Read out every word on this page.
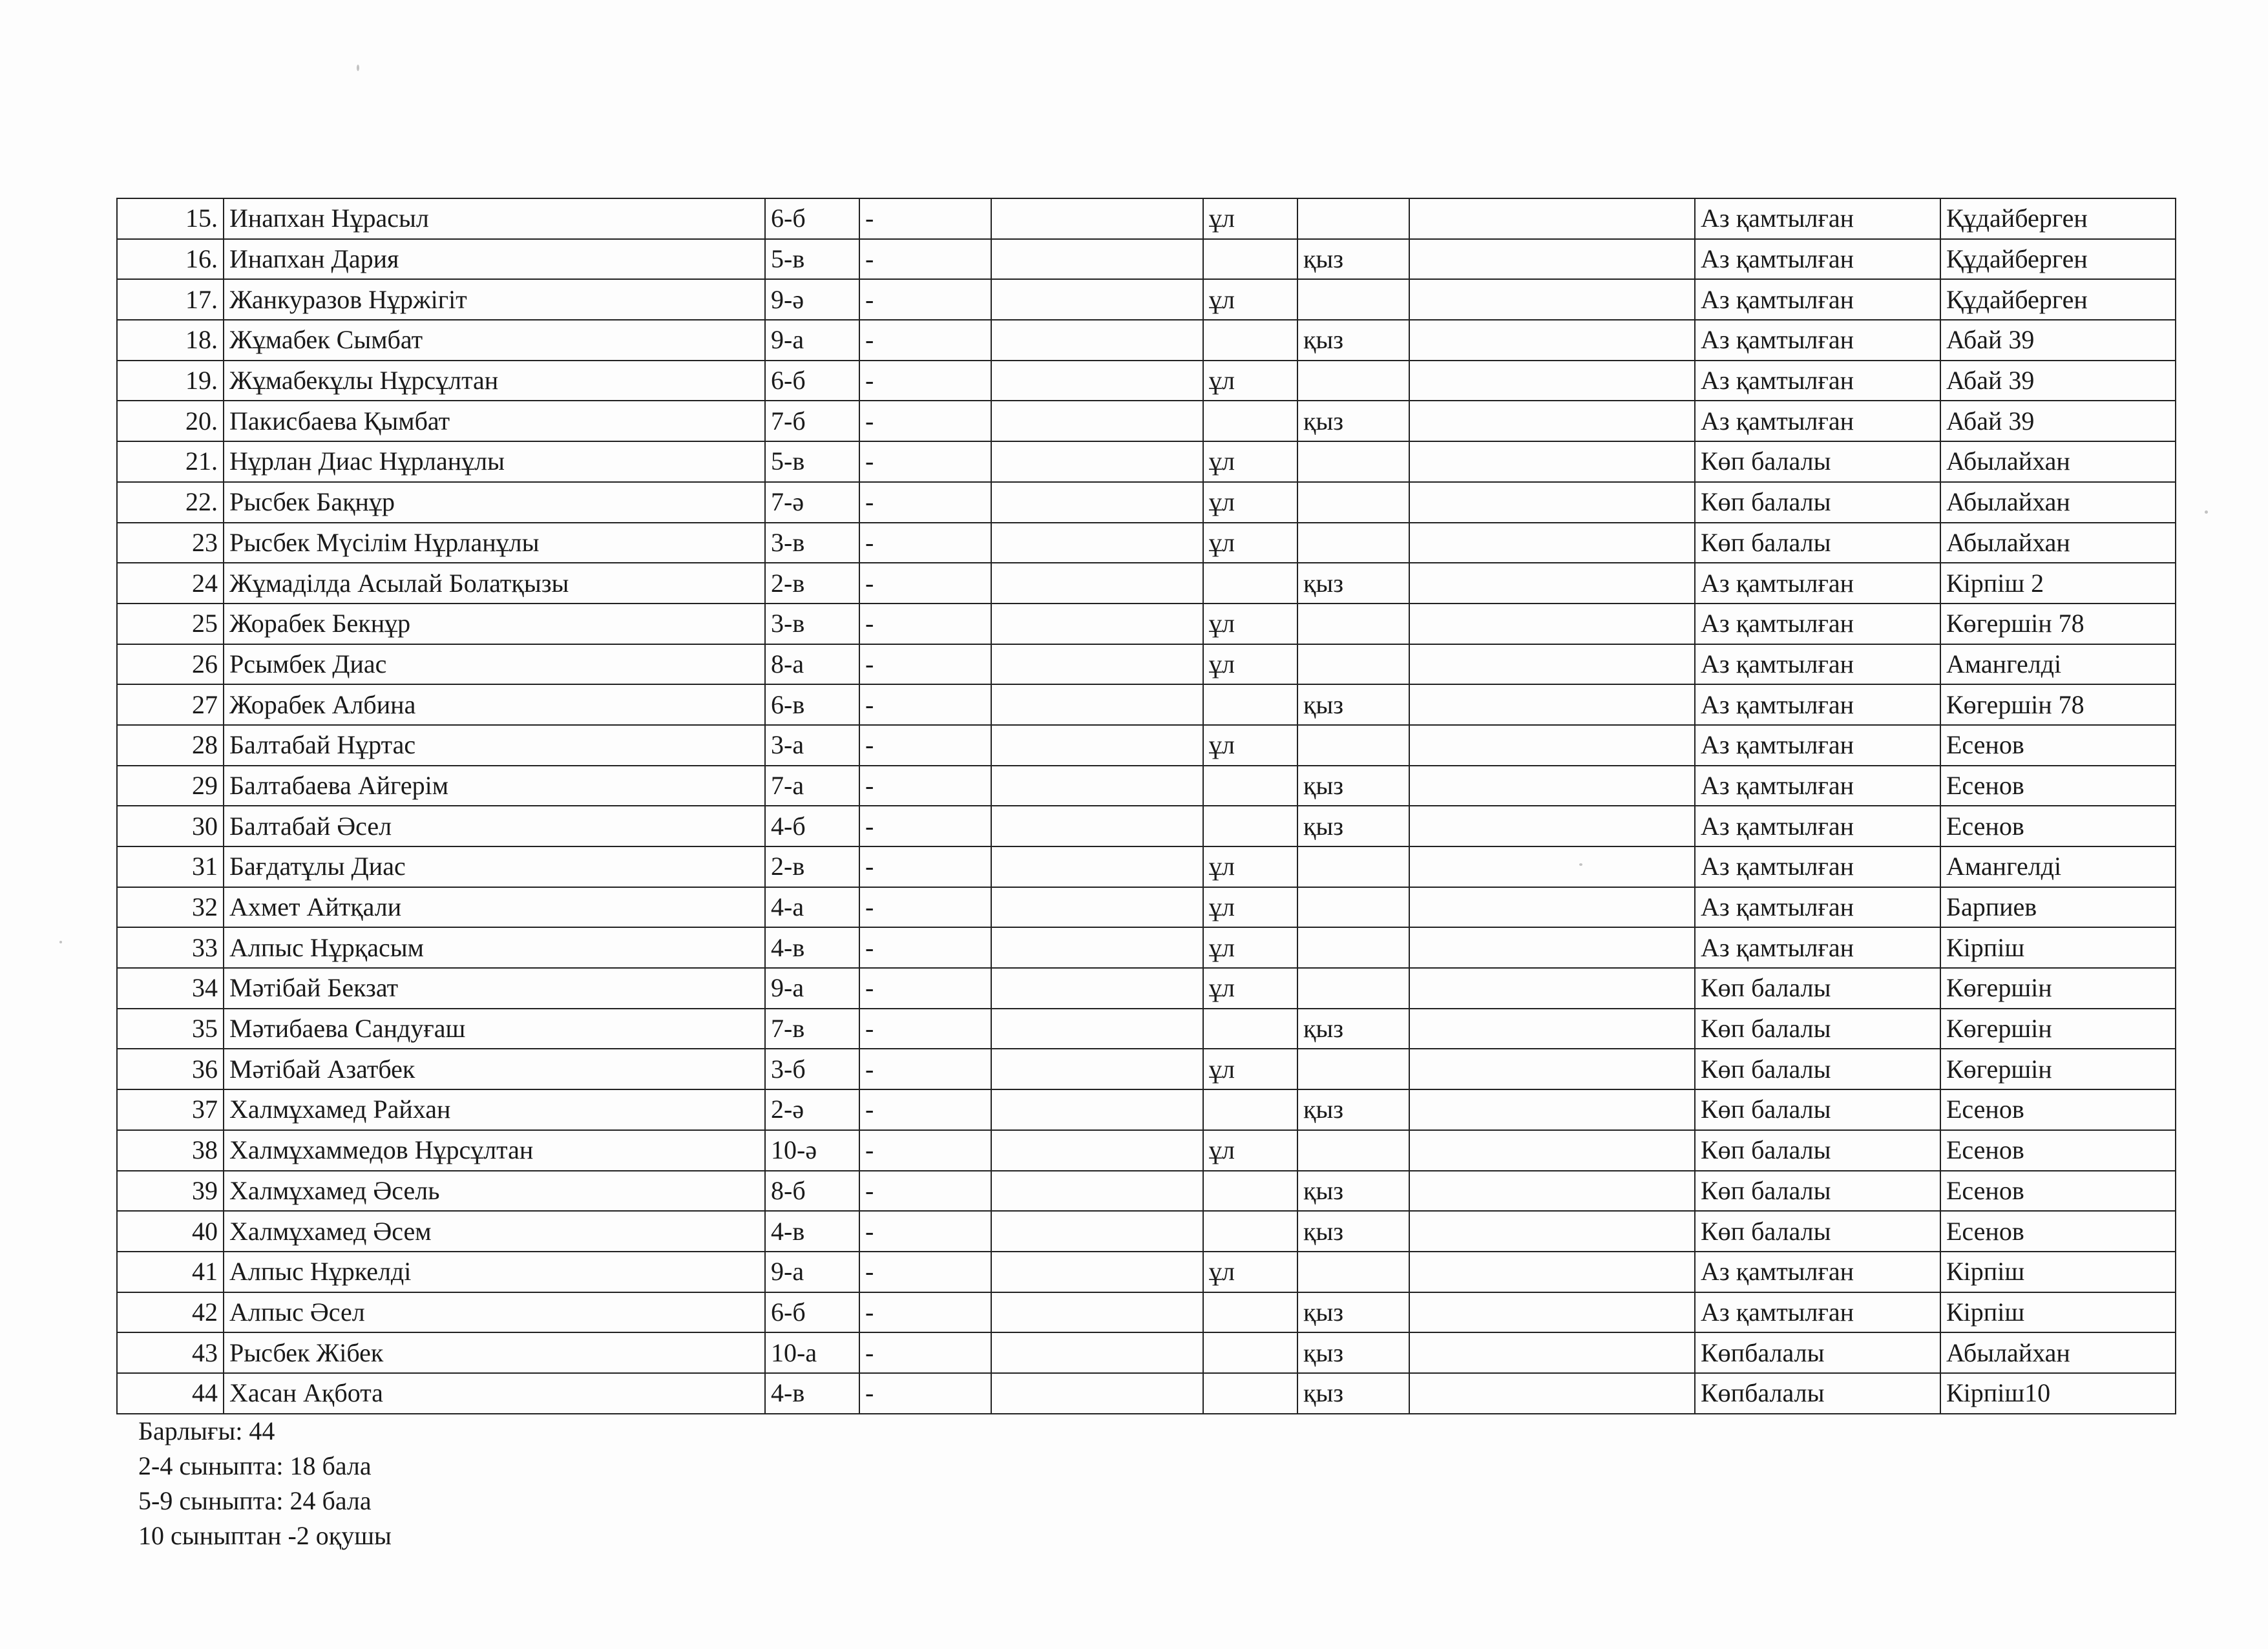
15.	Инапхан Нұрасыл	6-б	-		ұл			Аз қамтылған	Құдайберген
16.	Инапхан Дария	5-в	-			қыз		Аз қамтылған	Құдайберген
17.	Жанкуразов Нұржігіт	9-ә	-		ұл			Аз қамтылған	Құдайберген
18.	Жұмабек Сымбат	9-а	-			қыз		Аз қамтылған	Абай 39
19.	Жұмабекұлы Нұрсұлтан	6-б	-		ұл			Аз қамтылған	Абай 39
20.	Пакисбаева Қымбат	7-б	-			қыз		Аз қамтылған	Абай 39
21.	Нұрлан Диас Нұрланұлы	5-в	-		ұл			Көп балалы	Абылайхан
22.	Рысбек Бақнұр	7-ә	-		ұл			Көп балалы	Абылайхан
23	Рысбек Мүсілім Нұрланұлы	3-в	-		ұл			Көп балалы	Абылайхан
24	Жұмаділда Асылай Болатқызы	2-в	-			қыз		Аз қамтылған	Кірпіш 2
25	Жорабек Бекнұр	3-в	-		ұл			Аз қамтылған	Көгершін 78
26	Рсымбек Диас	8-а	-		ұл			Аз қамтылған	Амангелді
27	Жорабек Албина	6-в	-			қыз		Аз қамтылған	Көгершін 78
28	Балтабай Нұртас	3-а	-		ұл			Аз қамтылған	Есенов
29	Балтабаева Айгерім	7-а	-			қыз		Аз қамтылған	Есенов
30	Балтабай Әсел	4-б	-			қыз		Аз қамтылған	Есенов
31	Бағдатұлы Диас	2-в	-		ұл			Аз қамтылған	Амангелді
32	Ахмет Айтқали	4-а	-		ұл			Аз қамтылған	Барпиев
33	Алпыс Нұрқасым	4-в	-		ұл			Аз қамтылған	Кірпіш
34	Мәтібай Бекзат	9-а	-		ұл			Көп балалы	Көгершін
35	Мәтибаева Сандуғаш	7-в	-			қыз		Көп балалы	Көгершін
36	Мәтібай Азатбек	3-б	-		ұл			Көп балалы	Көгершін
37	Халмұхамед Райхан	2-ә	-			қыз		Көп балалы	Есенов
38	Халмұхаммедов Нұрсұлтан	10-ә	-		ұл			Көп балалы	Есенов
39	Халмұхамед Әсель	8-б	-			қыз		Көп балалы	Есенов
40	Халмұхамед Әсем	4-в	-			қыз		Көп балалы	Есенов
41	Алпыс Нұркелді	9-а	-		ұл			Аз қамтылған	Кірпіш
42	Алпыс Әсел	6-б	-			қыз		Аз қамтылған	Кірпіш
43	Рысбек Жібек	10-а	-			қыз		Көпбалалы	Абылайхан
44	Хасан Ақбота	4-в	-			қыз		Көпбалалы	Кірпіш10
Барлығы: 44
2-4 сыныпта: 18 бала
5-9 сыныпта: 24 бала
10 сыныптан -2 оқушы
